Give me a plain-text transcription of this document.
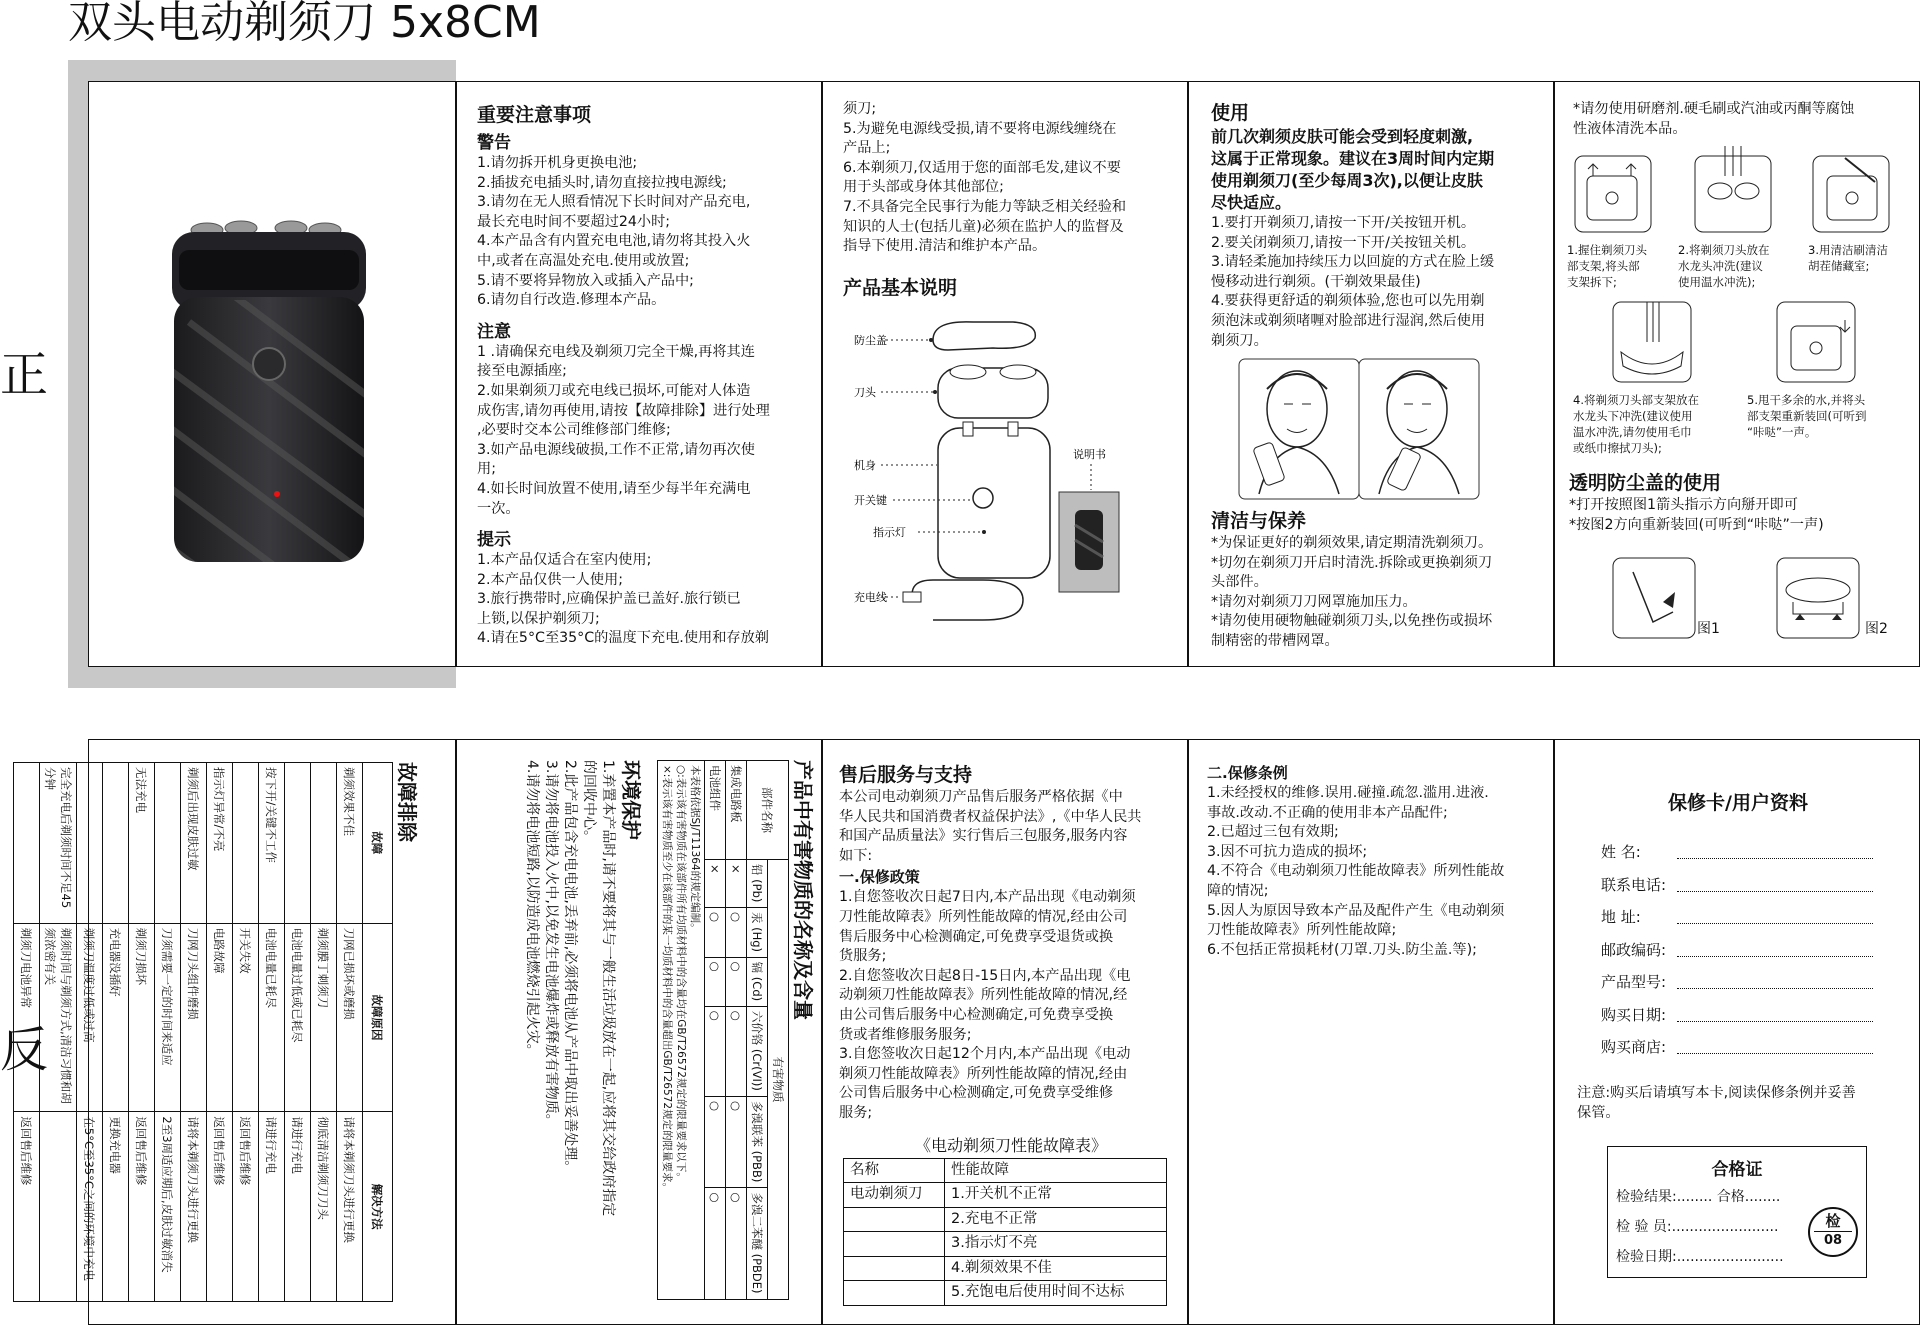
双头电动剃须刀 5x8CM
正
反
重要注意事项
警告
1.请勿拆开机身更换电池;
2.插拔充电插头时,请勿直接拉拽电源线;
3.请勿在无人照看情况下长时间对产品充电,
最长充电时间不要超过24小时;
4.本产品含有内置充电电池,请勿将其投入火
中,或者在高温处充电.使用或放置;
5.请不要将异物放入或插入产品中;
6.请勿自行改造.修理本产品。
注意
1 .请确保充电线及剃须刀完全干燥,再将其连
接至电源插座;
2.如果剃须刀或充电线已损坏,可能对人体造
成伤害,请勿再使用,请按【故障排除】进行处理
,必要时交本公司维修部门维修;
3.如产品电源线破损,工作不正常,请勿再次使
用;
4.如长时间放置不使用,请至少每半年充满电
一次。
提示
1.本产品仅适合在室内使用;
2.本产品仅供一人使用;
3.旅行携带时,应确保护盖已盖好.旅行锁已
上锁,以保护剃须刀;
4.请在5°C至35°C的温度下充电.使用和存放剃
须刀;
5.为避免电源线受损,请不要将电源线缠绕在
产品上;
6.本剃须刀,仅适用于您的面部毛发,建议不要
用于头部或身体其他部位;
7.不具备完全民事行为能力等缺乏相关经验和
知识的人士(包括儿童)必须在监护人的监督及
指导下使用.清洁和维护本产品。
产品基本说明
防尘盖
刀头
机身
开关键
指示灯
充电线
说明书
使用
前几次剃须皮肤可能会受到轻度刺激,
这属于正常现象。建议在3周时间内定期
使用剃须刀(至少每周3次),以便让皮肤
尽快适应。
1.要打开剃须刀,请按一下开/关按钮开机。
2.要关闭剃须刀,请按一下开/关按钮关机。
3.请轻柔施加持续压力以回旋的方式在脸上缓
慢移动进行剃须。(干剃效果最佳)
4.要获得更舒适的剃须体验,您也可以先用剃
须泡沫或剃须啫喱对脸部进行湿润,然后使用
剃须刀。
清洁与保养
*为保证更好的剃须效果,请定期清洗剃须刀。
*切勿在剃须刀开启时清洗.拆除或更换剃须刀
头部件。
*请勿对剃须刀刀网罩施加压力。
*请勿使用硬物触碰剃须刀头,以免挫伤或损坏
制精密的带槽网罩。
*请勿使用研磨剂.硬毛刷或汽油或丙酮等腐蚀
性液体清洗本品。
1.握住剃须刀头
部支架,将头部
支架拆下;
2.将剃须刀头放在
水龙头冲洗(建议
使用温水冲洗);
3.用清洁刷清洁
胡茬储藏室;
4.将剃须刀头部支架放在
水龙头下冲洗(建议使用
温水冲洗,请勿使用毛巾
或纸巾擦拭刀头);
5.甩干多余的水,并将头
部支架重新装回(可听到
“咔哒”一声。
透明防尘盖的使用
*打开按照图1箭头指示方向掰开即可
*按图2方向重新装回(可听到“咔哒”一声)
图1	图2
故障排除
故障	故障原因	解决方法
剃须效果不佳	刀网已损坏或磨损	请将本剃须刀头进行更换
	剃须膜丁刺须刀	彻底清洁剃须刀刀头
	电池电量过低或已耗尽	请进行充电
按下开/关键不工作	电池电量已耗尽	请进行充电
	开关失效	返回售后维修
指示灯异常/不亮	电路故障	返回售后维修
剃须后出现皮肤过敏	刀网刀头组件磨损	请将本剃须刀头进行更换
	刀须需要一定的时间来适应	2至3周适应期后,皮肤过敏消失
无法充电	剃须刀损坏	返回售后维修
	充电器没插好	更换充电器
	剃须刀温度过低或过高	在5°C至35°C之间的环境中充电
完全充电后剃须时间不足45分钟	剃须时间与剃须方式,清洁习惯和胡须浓密有关	
	剃须刀电池异常	返回售后维修
产品中有害物质的名称及含量
部件名称	有害物质					
	铅 (Pb)	汞 (Hg)	镉 (Cd)	六价铬 (Cr(VI))	多溴联苯 (PBB)	多溴二苯醚 (PBDE)
集成电路板	×	○	○	○	○	○
电池组件	×	○	○	○	○	○

本表格依据SJ/T11364的规定编制。
○:表示该有害物质在该部件所有均质材料中的含量均在GB/T26572规定的限量要求以下。
×:表示该有害物质至少在该部件的某一均质材料中的含量超出GB/T26572规定的限量要求。						
环境保护
1.弃置本产品时,请不要将其与一般生活垃圾放在一起,应将其交给政府指定
的回收中心。
2.此产品包含充电电池,丢弃前,必须将电池从产品中取出妥善处理。
3.请勿将电池投入火中,以免发生电池爆炸或释放有害物质。
4.请勿将电池短路,以防造成电池燃烧引起火灾。	售后服务与支持
本公司电动剃须刀产品售后服务严格依据《中
华人民共和国消费者权益保护法》,《中华人民共
和国产品质量法》实行售后三包服务,服务内容
如下:
一.保修政策
1.自您签收次日起7日内,本产品出现《电动剃须
刀性能故障表》所列性能故障的情况,经由公司
售后服务中心检测确定,可免费享受退货或换
货服务;
2.自您签收次日起8日-15日内,本产品出现《电
动剃须刀性能故障表》所列性能故障的情况,经
由公司售后服务中心检测确定,可免费享受换
货或者维修服务服务;
3.自您签收次日起12个月内,本产品出现《电动
剃须刀性能故障表》所列性能故障的情况,经由
公司售后服务中心检测确定,可免费享受维修
服务;
《电动剃须刀性能故障表》
名称	性能故障
电动剃须刀	1.开关机不正常
	2.充电不正常
	3.指示灯不亮
	4.剃须效果不佳
	5.充饱电后使用时间不达标
二.保修条例
1.未经授权的维修.误用.碰撞.疏忽.滥用.进液.
事故.改动.不正确的使用非本产品配件;
2.已超过三包有效期;
3.因不可抗力造成的损坏;
4.不符合《电动剃须刀性能故障表》所列性能故
障的情况;
5.因人为原因导致本产品及配件产生《电动剃须
刀性能故障表》所列性能故障;
6.不包括正常损耗材(刀罩.刀头.防尘盖.等);
保修卡/用户资料
姓 名:
联系电话:
地 址:
邮政编码:
产品型号:
购买日期:
购买商店:
注意:购买后请填写本卡,阅读保修条例并妥善
保管。
合格证
检验结果:........ 合格........
检 验 员:........................
检验日期:........................
检
08
